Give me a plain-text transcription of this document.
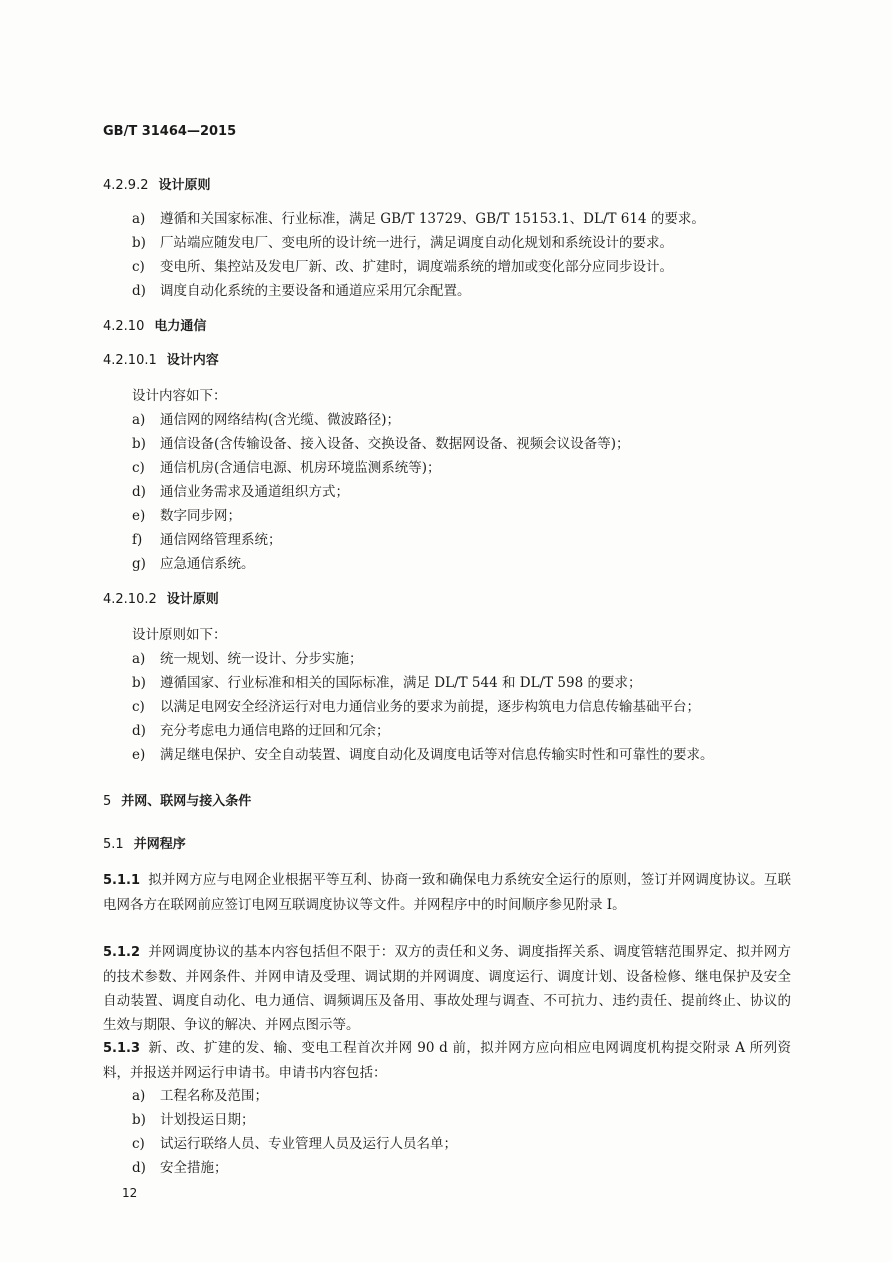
GB/T 31464—2015
4.2.9.2 设计原则
a) 遵循和关国家标准、行业标准，满足 GB/T 13729、GB/T 15153.1、DL/T 614 的要求。
b) 厂站端应随发电厂、变电所的设计统一进行，满足调度自动化规划和系统设计的要求。
c) 变电所、集控站及发电厂新、改、扩建时，调度端系统的增加或变化部分应同步设计。
d) 调度自动化系统的主要设备和通道应采用冗余配置。
4.2.10 电力通信
4.2.10.1 设计内容
设计内容如下：
a) 通信网的网络结构(含光缆、微波路径)；
b) 通信设备(含传输设备、接入设备、交换设备、数据网设备、视频会议设备等)；
c) 通信机房(含通信电源、机房环境监测系统等)；
d) 通信业务需求及通道组织方式；
e) 数字同步网；
f) 通信网络管理系统；
g) 应急通信系统。
4.2.10.2 设计原则
设计原则如下：
a) 统一规划、统一设计、分步实施；
b) 遵循国家、行业标准和相关的国际标准，满足 DL/T 544 和 DL/T 598 的要求；
c) 以满足电网安全经济运行对电力通信业务的要求为前提，逐步构筑电力信息传输基础平台；
d) 充分考虑电力通信电路的迂回和冗余；
e) 满足继电保护、安全自动装置、调度自动化及调度电话等对信息传输实时性和可靠性的要求。
5 并网、联网与接入条件
5.1 并网程序
5.1.1 拟并网方应与电网企业根据平等互利、协商一致和确保电力系统安全运行的原则，签订并网调度协议。互联电网各方在联网前应签订电网互联调度协议等文件。并网程序中的时间顺序参见附录 I。
5.1.2 并网调度协议的基本内容包括但不限于：双方的责任和义务、调度指挥关系、调度管辖范围界定、拟并网方的技术参数、并网条件、并网申请及受理、调试期的并网调度、调度运行、调度计划、设备检修、继电保护及安全自动装置、调度自动化、电力通信、调频调压及备用、事故处理与调查、不可抗力、违约责任、提前终止、协议的生效与期限、争议的解决、并网点图示等。
5.1.3 新、改、扩建的发、输、变电工程首次并网 90 d 前，拟并网方应向相应电网调度机构提交附录 A 所列资料，并报送并网运行申请书。申请书内容包括：
a) 工程名称及范围；
b) 计划投运日期；
c) 试运行联络人员、专业管理人员及运行人员名单；
d) 安全措施；
12
